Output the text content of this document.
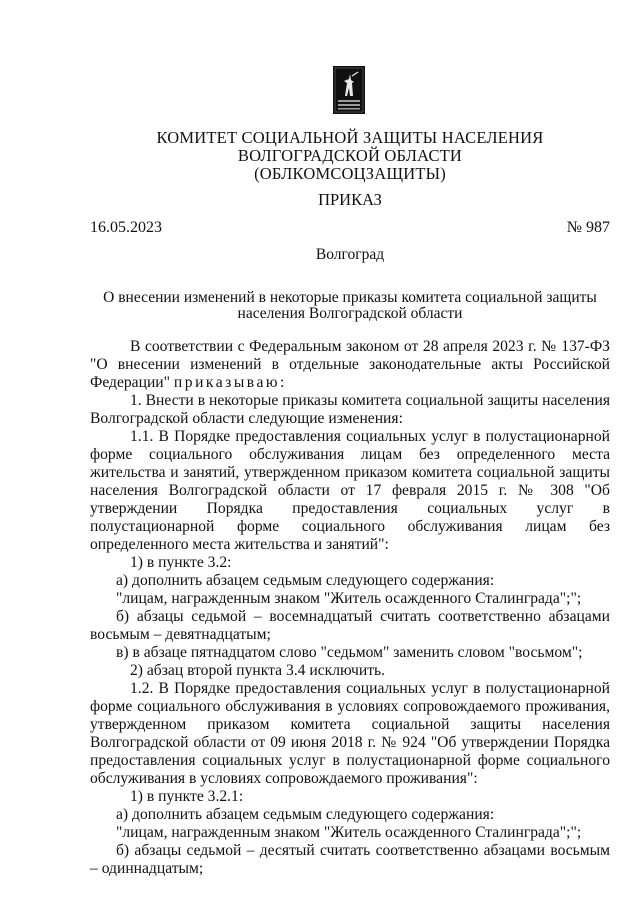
КОМИТЕТ СОЦИАЛЬНОЙ ЗАЩИТЫ НАСЕЛЕНИЯ
ВОЛГОГРАДСКОЙ ОБЛАСТИ
(ОБЛКОМСОЦЗАЩИТЫ)
ПРИКАЗ
16.05.2023	№ 987
Волгоград
О внесении изменений в некоторые приказы комитета социальной защиты
населения Волгоградской области

В соответствии с Федеральным законом от 28 апреля 2023 г. № 137-ФЗ "О внесении изменений в отдельные законодательные акты Российской Федерации" приказываю:

1. Внести в некоторые приказы комитета социальной защиты населения Волгоградской области следующие изменения:

1.1. В Порядке предоставления социальных услуг в полустационарной форме социального обслуживания лицам без определенного места жительства и занятий, утвержденном приказом комитета социальной защиты населения Волгоградской области от 17 февраля 2015 г. № 308 "Об утверждении Порядка предоставления социальных услуг в полустационарной форме социального обслуживания лицам без определенного места жительства и занятий":

1) в пункте 3.2:

а) дополнить абзацем седьмым следующего содержания:

"лицам, награжденным знаком "Житель осажденного Сталинграда";";

б) абзацы седьмой – восемнадцатый считать соответственно абзацами восьмым – девятнадцатым;

в) в абзаце пятнадцатом слово "седьмом" заменить словом "восьмом";

2) абзац второй пункта 3.4 исключить.

1.2. В Порядке предоставления социальных услуг в полустационарной форме социального обслуживания в условиях сопровождаемого проживания, утвержденном приказом комитета социальной защиты населения Волгоградской области от 09 июня 2018 г. № 924 "Об утверждении Порядка предоставления социальных услуг в полустационарной форме социального обслуживания в условиях сопровождаемого проживания":

1) в пункте 3.2.1:

а) дополнить абзацем седьмым следующего содержания:

"лицам, награжденным знаком "Житель осажденного Сталинграда";";

б) абзацы седьмой – десятый считать соответственно абзацами восьмым – одиннадцатым;
